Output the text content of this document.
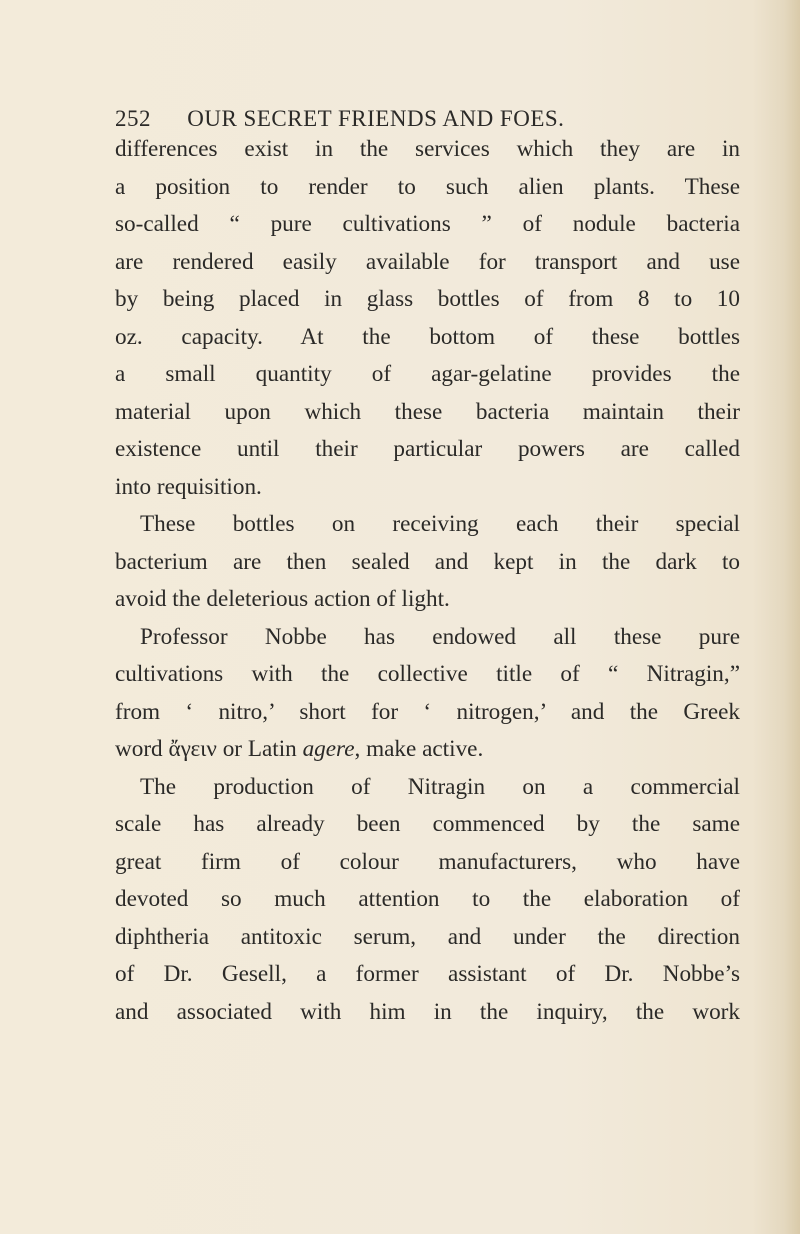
252 OUR SECRET FRIENDS AND FOES.
differences exist in the services which they are in
a position to render to such alien plants. These
so-called “ pure cultivations ” of nodule bacteria
are rendered easily available for transport and use
by being placed in glass bottles of from 8 to 10
oz. capacity. At the bottom of these bottles
a small quantity of agar-gelatine provides the
material upon which these bacteria maintain their
existence until their particular powers are called
into requisition.
These bottles on receiving each their special
bacterium are then sealed and kept in the dark to
avoid the deleterious action of light.
Professor Nobbe has endowed all these pure
cultivations with the collective title of “ Nitragin,”
from ‘ nitro,’ short for ‘ nitrogen,’ and the Greek
word ἄγειν or Latin agere, make active.
The production of Nitragin on a commercial
scale has already been commenced by the same
great firm of colour manufacturers, who have
devoted so much attention to the elaboration of
diphtheria antitoxic serum, and under the direction
of Dr. Gesell, a former assistant of Dr. Nobbe’s
and associated with him in the inquiry, the work
